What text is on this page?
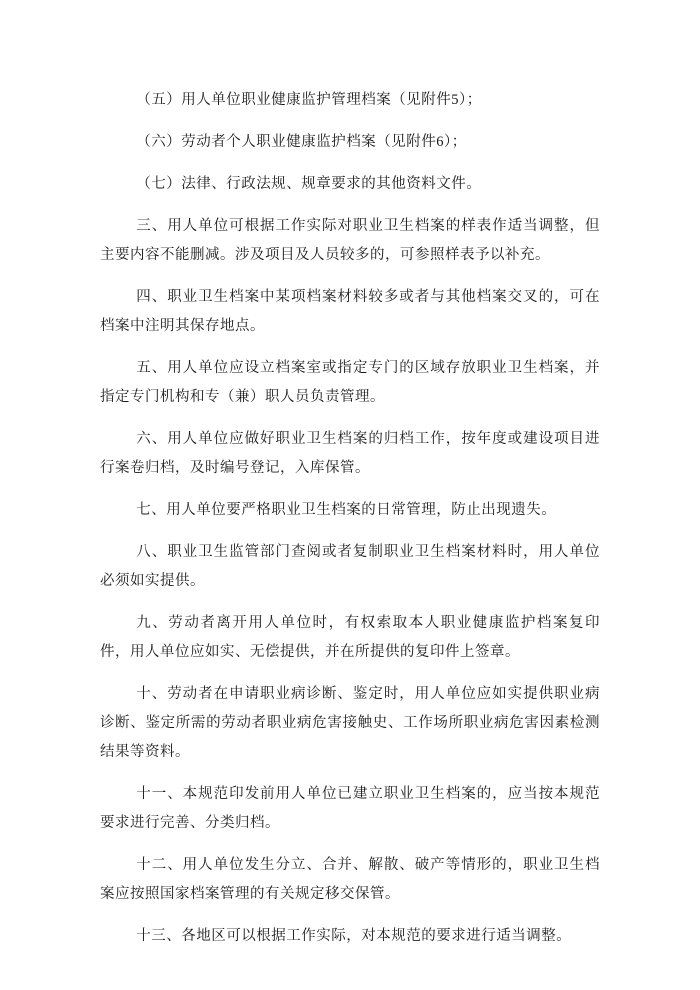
（五）用人单位职业健康监护管理档案（见附件5）；

（六）劳动者个人职业健康监护档案（见附件6）；

（七）法律、行政法规、规章要求的其他资料文件。

三、用人单位可根据工作实际对职业卫生档案的样表作适当调整，但主要内容不能删减。涉及项目及人员较多的，可参照样表予以补充。

四、职业卫生档案中某项档案材料较多或者与其他档案交叉的，可在档案中注明其保存地点。

五、用人单位应设立档案室或指定专门的区域存放职业卫生档案，并指定专门机构和专（兼）职人员负责管理。

六、用人单位应做好职业卫生档案的归档工作，按年度或建设项目进行案卷归档，及时编号登记，入库保管。

七、用人单位要严格职业卫生档案的日常管理，防止出现遗失。

八、职业卫生监管部门查阅或者复制职业卫生档案材料时，用人单位必须如实提供。

九、劳动者离开用人单位时，有权索取本人职业健康监护档案复印件，用人单位应如实、无偿提供，并在所提供的复印件上签章。

十、劳动者在申请职业病诊断、鉴定时，用人单位应如实提供职业病诊断、鉴定所需的劳动者职业病危害接触史、工作场所职业病危害因素检测结果等资料。

十一、本规范印发前用人单位已建立职业卫生档案的，应当按本规范要求进行完善、分类归档。

十二、用人单位发生分立、合并、解散、破产等情形的，职业卫生档案应按照国家档案管理的有关规定移交保管。

十三、各地区可以根据工作实际，对本规范的要求进行适当调整。
